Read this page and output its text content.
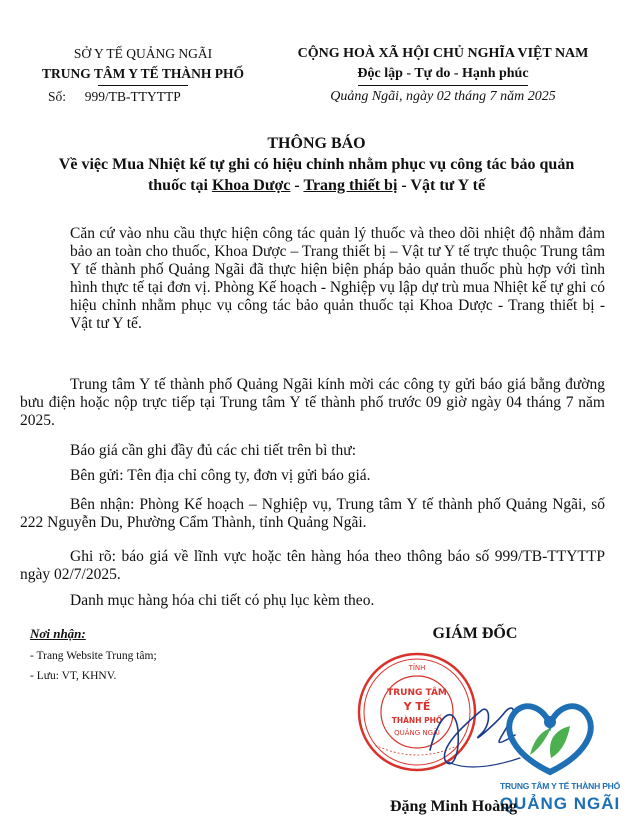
SỞ Y TẾ QUẢNG NGÃI
TRUNG TÂM Y TẾ THÀNH PHỐ
Số: 999/TB-TTYTTP
CỘNG HOÀ XÃ HỘI CHỦ NGHĨA VIỆT NAM
Độc lập - Tự do - Hạnh phúc
Quảng Ngãi, ngày 02 tháng 7 năm 2025
THÔNG BÁO
Về việc Mua Nhiệt kế tự ghi có hiệu chỉnh nhằm phục vụ công tác bảo quản
thuốc tại Khoa Dược - Trang thiết bị - Vật tư Y tế
Căn cứ vào nhu cầu thực hiện công tác quản lý thuốc và theo dõi nhiệt độ nhằm đảm bảo an toàn cho thuốc, Khoa Dược – Trang thiết bị – Vật tư Y tế trực thuộc Trung tâm Y tế thành phố Quảng Ngãi đã thực hiện biện pháp bảo quản thuốc phù hợp với tình hình thực tế tại đơn vị. Phòng Kế hoạch - Nghiệp vụ lập dự trù mua Nhiệt kế tự ghi có hiệu chỉnh nhằm phục vụ công tác bảo quản thuốc tại Khoa Dược - Trang thiết bị - Vật tư Y tế.
Trung tâm Y tế thành phố Quảng Ngãi kính mời các công ty gửi báo giá bằng đường bưu điện hoặc nộp trực tiếp tại Trung tâm Y tế thành phố trước 09 giờ ngày 04 tháng 7 năm 2025.
Báo giá cần ghi đầy đủ các chi tiết trên bì thư:
Bên gửi: Tên địa chỉ công ty, đơn vị gửi báo giá.
Bên nhận: Phòng Kế hoạch – Nghiệp vụ, Trung tâm Y tế thành phố Quảng Ngãi, số 222 Nguyễn Du, Phường Cẩm Thành, tỉnh Quảng Ngãi.
Ghi rõ: báo giá về lĩnh vực hoặc tên hàng hóa theo thông báo số 999/TB-TTYTTP ngày 02/7/2025.
Danh mục hàng hóa chi tiết có phụ lục kèm theo.
Nơi nhận:
- Trang Website Trung tâm;
- Lưu: VT, KHNV.
GIÁM ĐỐC
TỈNH
TRUNG TÂM
Y TẾ
THÀNH PHỐ
QUẢNG NGÃI
TRUNG TÂM Y TẾ THÀNH PHỐ
QUẢNG NGÃI
Đặng Minh Hoàng
